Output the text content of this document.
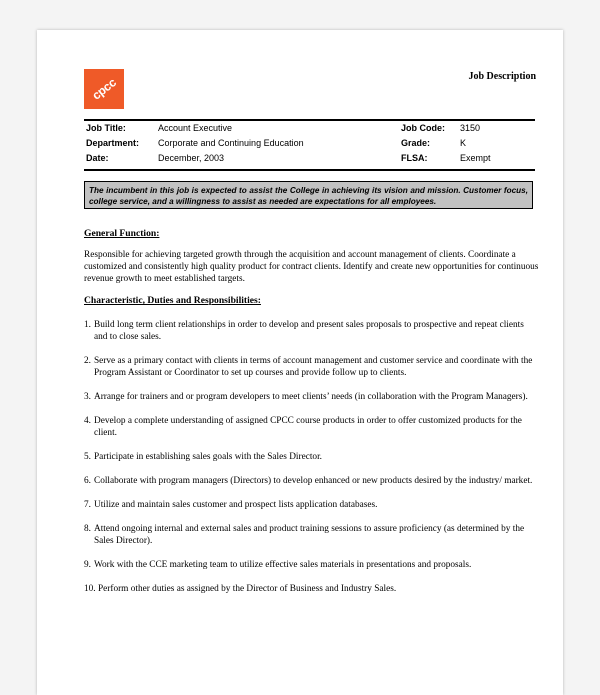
cpcc	Job Description
Job Title:	Account Executive	Job Code: 3150
Department: Corporate and Continuing Education	Grade:	K
Date:	December, 2003	FLSA:	Exempt
The incumbent in this job is expected to assist the College in achieving its vision and mission. Customer focus, college service, and a willingness to assist as needed are expectations for all employees.

General Function:

Responsible for achieving targeted growth through the acquisition and account management of clients. Coordinate a customized and consistently high quality product for contract clients. Identify and create new opportunities for continuous revenue growth to meet established targets.

Characteristic, Duties and Responsibilities:

1. Build long term client relationships in order to develop and present sales proposals to prospective and repeat clients and to close sales.
2. Serve as a primary contact with clients in terms of account management and customer service and coordinate with the Program Assistant or Coordinator to set up courses and provide follow up to clients.
3. Arrange for trainers and or program developers to meet clients’ needs (in collaboration with the Program Managers).
4. Develop a complete understanding of assigned CPCC course products in order to offer customized products for the client.
5. Participate in establishing sales goals with the Sales Director.
6. Collaborate with program managers (Directors) to develop enhanced or new products desired by the industry/ market.
7. Utilize and maintain sales customer and prospect lists application databases.
8. Attend ongoing internal and external sales and product training sessions to assure proficiency (as determined by the Sales Director).
9. Work with the CCE marketing team to utilize effective sales materials in presentations and proposals.
10. Perform other duties as assigned by the Director of Business and Industry Sales.
